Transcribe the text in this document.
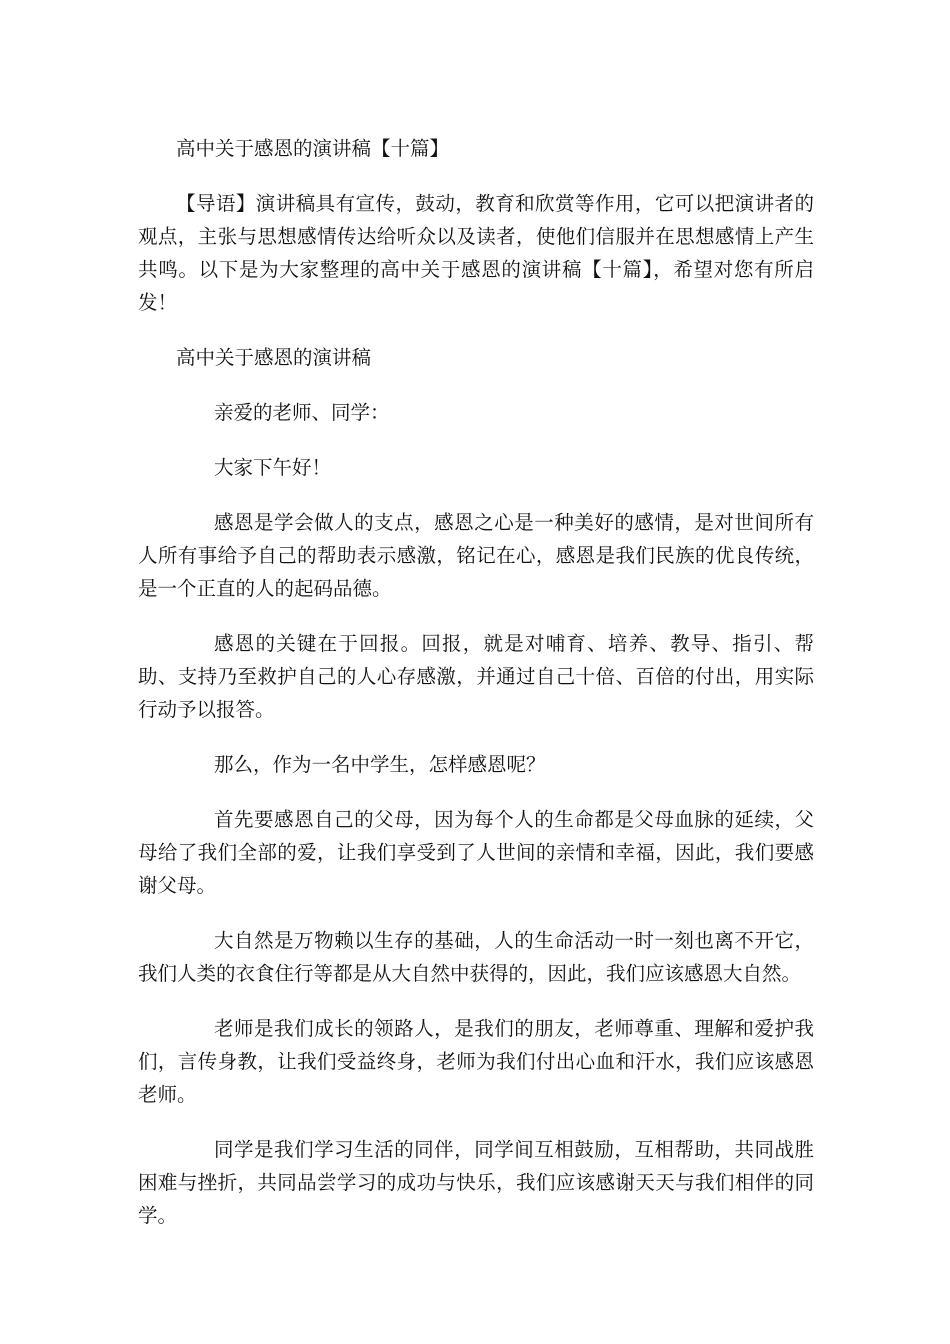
高中关于感恩的演讲稿【十篇】

【导语】演讲稿具有宣传，鼓动，教育和欣赏等作用，它可以把演讲者的观点，主张与思想感情传达给听众以及读者，使他们信服并在思想感情上产生共鸣。以下是为大家整理的高中关于感恩的演讲稿【十篇】，希望对您有所启发！

高中关于感恩的演讲稿

亲爱的老师、同学：

大家下午好！

感恩是学会做人的支点，感恩之心是一种美好的感情，是对世间所有人所有事给予自己的帮助表示感激，铭记在心，感恩是我们民族的优良传统，是一个正直的人的起码品德。

感恩的关键在于回报。回报，就是对哺育、培养、教导、指引、帮助、支持乃至救护自己的人心存感激，并通过自己十倍、百倍的付出，用实际行动予以报答。

那么，作为一名中学生，怎样感恩呢？

首先要感恩自己的父母，因为每个人的生命都是父母血脉的延续，父母给了我们全部的爱，让我们享受到了人世间的亲情和幸福，因此，我们要感谢父母。

大自然是万物赖以生存的基础，人的生命活动一时一刻也离不开它，我们人类的衣食住行等都是从大自然中获得的，因此，我们应该感恩大自然。

老师是我们成长的领路人，是我们的朋友，老师尊重、理解和爱护我们，言传身教，让我们受益终身，老师为我们付出心血和汗水，我们应该感恩老师。

同学是我们学习生活的同伴，同学间互相鼓励，互相帮助，共同战胜困难与挫折，共同品尝学习的成功与快乐，我们应该感谢天天与我们相伴的同学。
